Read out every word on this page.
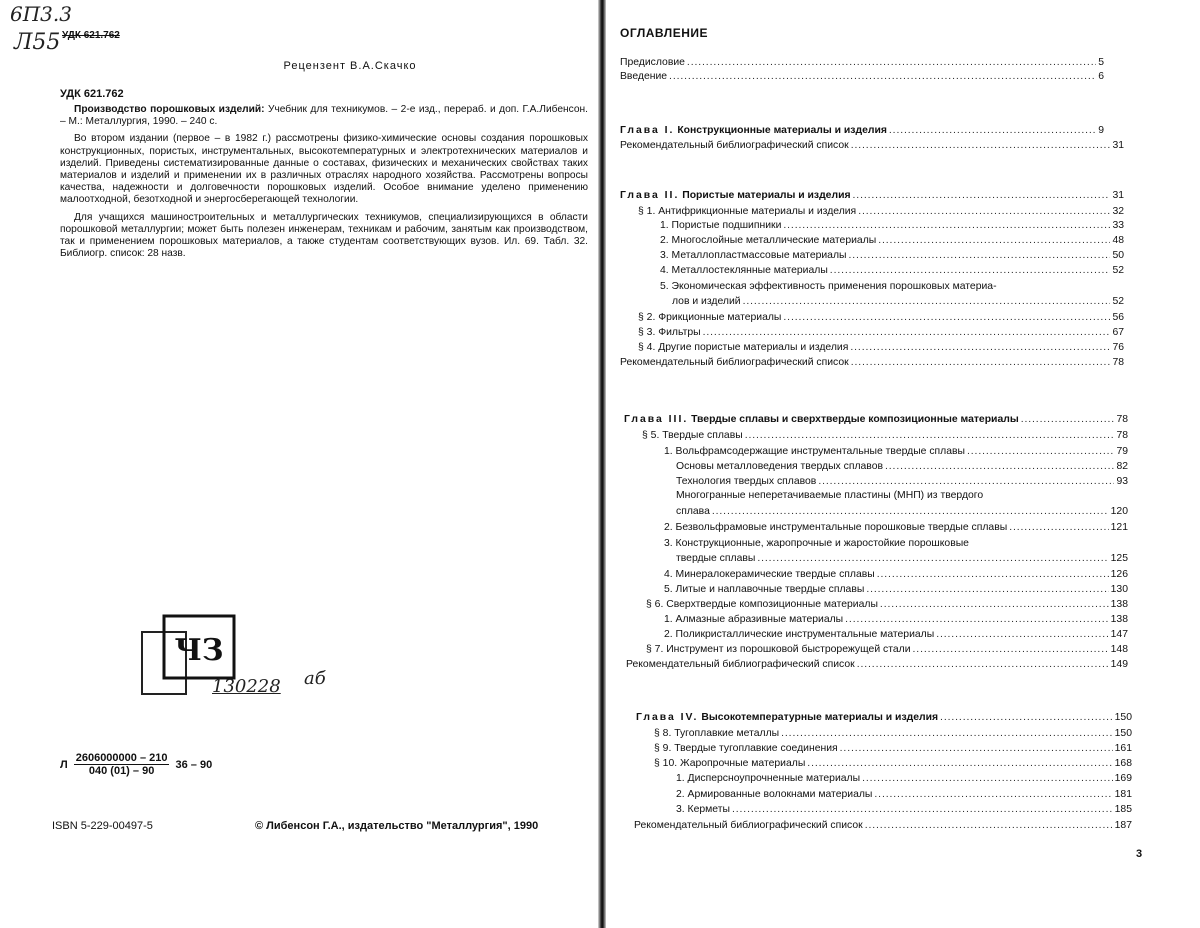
6П3.3
Л55 УДК 621.762
Рецензент В.А.Скачко
УДК 621.762

Производство порошковых изделий: Учебник для техникумов. – 2-е изд., перераб. и доп. Г.А.Либенсон. – М.: Металлургия, 1990. – 240 с.

Во втором издании (первое – в 1982 г.) рассмотрены физико-химические основы создания порошковых конструкционных, пористых, инструментальных, высокотемпературных и электротехнических материалов и изделий. Приведены систематизированные данные о составах, физических и механических свойствах таких материалов и изделий и применении их в различных отраслях народного хозяйства. Рассмотрены вопросы качества, надежности и долговечности порошковых изделий. Особое внимание уделено применению малоотходной, безотходной и энергосберегающей технологии.

Для учащихся машиностроительных и металлургических техникумов, специализирующихся в области порошковой металлургии; может быть полезен инженерам, техникам и рабочим, занятым как производством, так и применением порошковых материалов, а также студентам соответствующих вузов. Ил. 69. Табл. 32. Библиогр. список: 28 назв.

ЧЗ
130228 аб
Л $\frac{2606000000 - 210}{040 (01) - 90} 36 - 90$
ISBN 5-229-00497-5	© Либенсон Г.А., издательство "Металлургия", 1990
ОГЛАВЛЕНИЕ
Предисловие . . .	5
Введение . . .	6
Глава I. Конструкционные материалы и изделия . . .	9
Рекомендательный библиографический список . . .	31
Глава II. Пористые материалы и изделия . . .	31
§ 1. Антифрикционные материалы и изделия . . .	32
1. Пористые подшипники . . .	33
2. Многослойные металлические материалы . . .	48
3. Металлопластмассовые материалы . . .	50
4. Металлостеклянные материалы . . .	52
5. Экономическая эффективность применения порошковых материа-
лов и изделий . . .	52
§ 2. Фрикционные материалы . . .	56
§ 3. Фильтры . . .	67
§ 4. Другие пористые материалы и изделия . . .	76
Рекомендательный библиографический список . . .	78
Глава III. Твердые сплавы и сверхтвердые композиционные материалы . . .	78
§ 5. Твердые сплавы . . .	78
1. Вольфрамсодержащие инструментальные твердые сплавы . . .	79
Основы металловедения твердых сплавов . . .	82
Технология твердых сплавов . . .	93
Многогранные неперетачиваемые пластины (МНП) из твердого
сплава . . .	120
2. Безвольфрамовые инструментальные порошковые твердые сплавы . . .	121
3. Конструкционные, жаропрочные и жаростойкие порошковые
твердые сплавы . . .	125
4. Минералокерамические твердые сплавы . . .	126
5. Литые и наплавочные твердые сплавы . . .	130
§ 6. Сверхтвердые композиционные материалы . . .	138
1. Алмазные абразивные материалы . . .	138
2. Поликристаллические инструментальные материалы . . .	147
§ 7. Инструмент из порошковой быстрорежущей стали . . .	148
Рекомендательный библиографический список . . .	149
Глава IV. Высокотемпературные материалы и изделия . . .	150
§ 8. Тугоплавкие металлы . . .	150
§ 9. Твердые тугоплавкие соединения . . .	161
§ 10. Жаропрочные материалы . . .	168
1. Дисперсноупрочненные материалы . . .	169
2. Армированные волокнами материалы . . .	181
3. Керметы . . .	185
Рекомендательный библиографический список . . .	187
3
